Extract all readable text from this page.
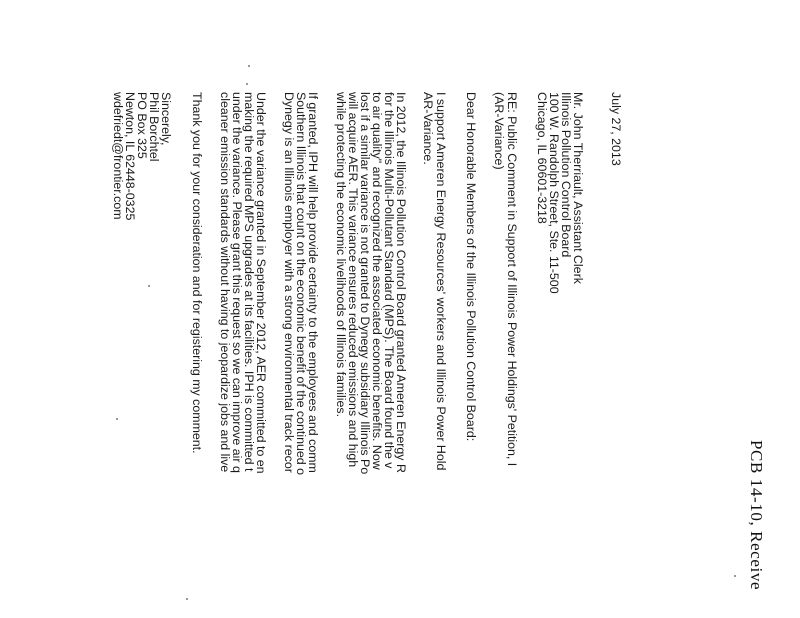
PCB 14-10, Receive
July 27, 2013
Mr. John Therriault, Assistant Clerk
Illinois Pollution Control Board
100 W. Randolph Street, Ste. 11-500
Chicago, IL 60601-3218
RE: Public Comment in Support of Illinois Power Holdings' Petition, I
(AR-Variance)
Dear Honorable Members of the Illinois Pollution Control Board:
I support Ameren Energy Resources' workers and Illinois Power Hold
AR-Variance.
In 2012, the Illinois Pollution Control Board granted Ameren Energy R
for the Illinois Multi-Pollutant Standard (MPS). The Board found the v
to air quality" and recognized the associated economic benefits. Now
lost if a similar variance is not granted to Dynegy subsidiary Illinois Po
will acquire AER. This variance ensures reduced emissions and high
while protecting the economic livelihoods of Illinois families.
If granted, IPH will help provide certainty to the employees and comm
Southern Illinois that count on the economic benefit of the continued o
Dynegy is an Illinois employer with a strong environmental track recor
Under the variance granted in September 2012, AER committed to en
making the required MPS upgrades at its facilities. IPH is committed t
under the variance. Please grant this request so we can improve air q
cleaner emission standards without having to jeopardize jobs and live
Thank you for your consideration and for registering my comment.
Sincerely,
Phil Borchtel
PO Box 325
Newton, IL 62448-0325
wdefriedt@frontier.com
